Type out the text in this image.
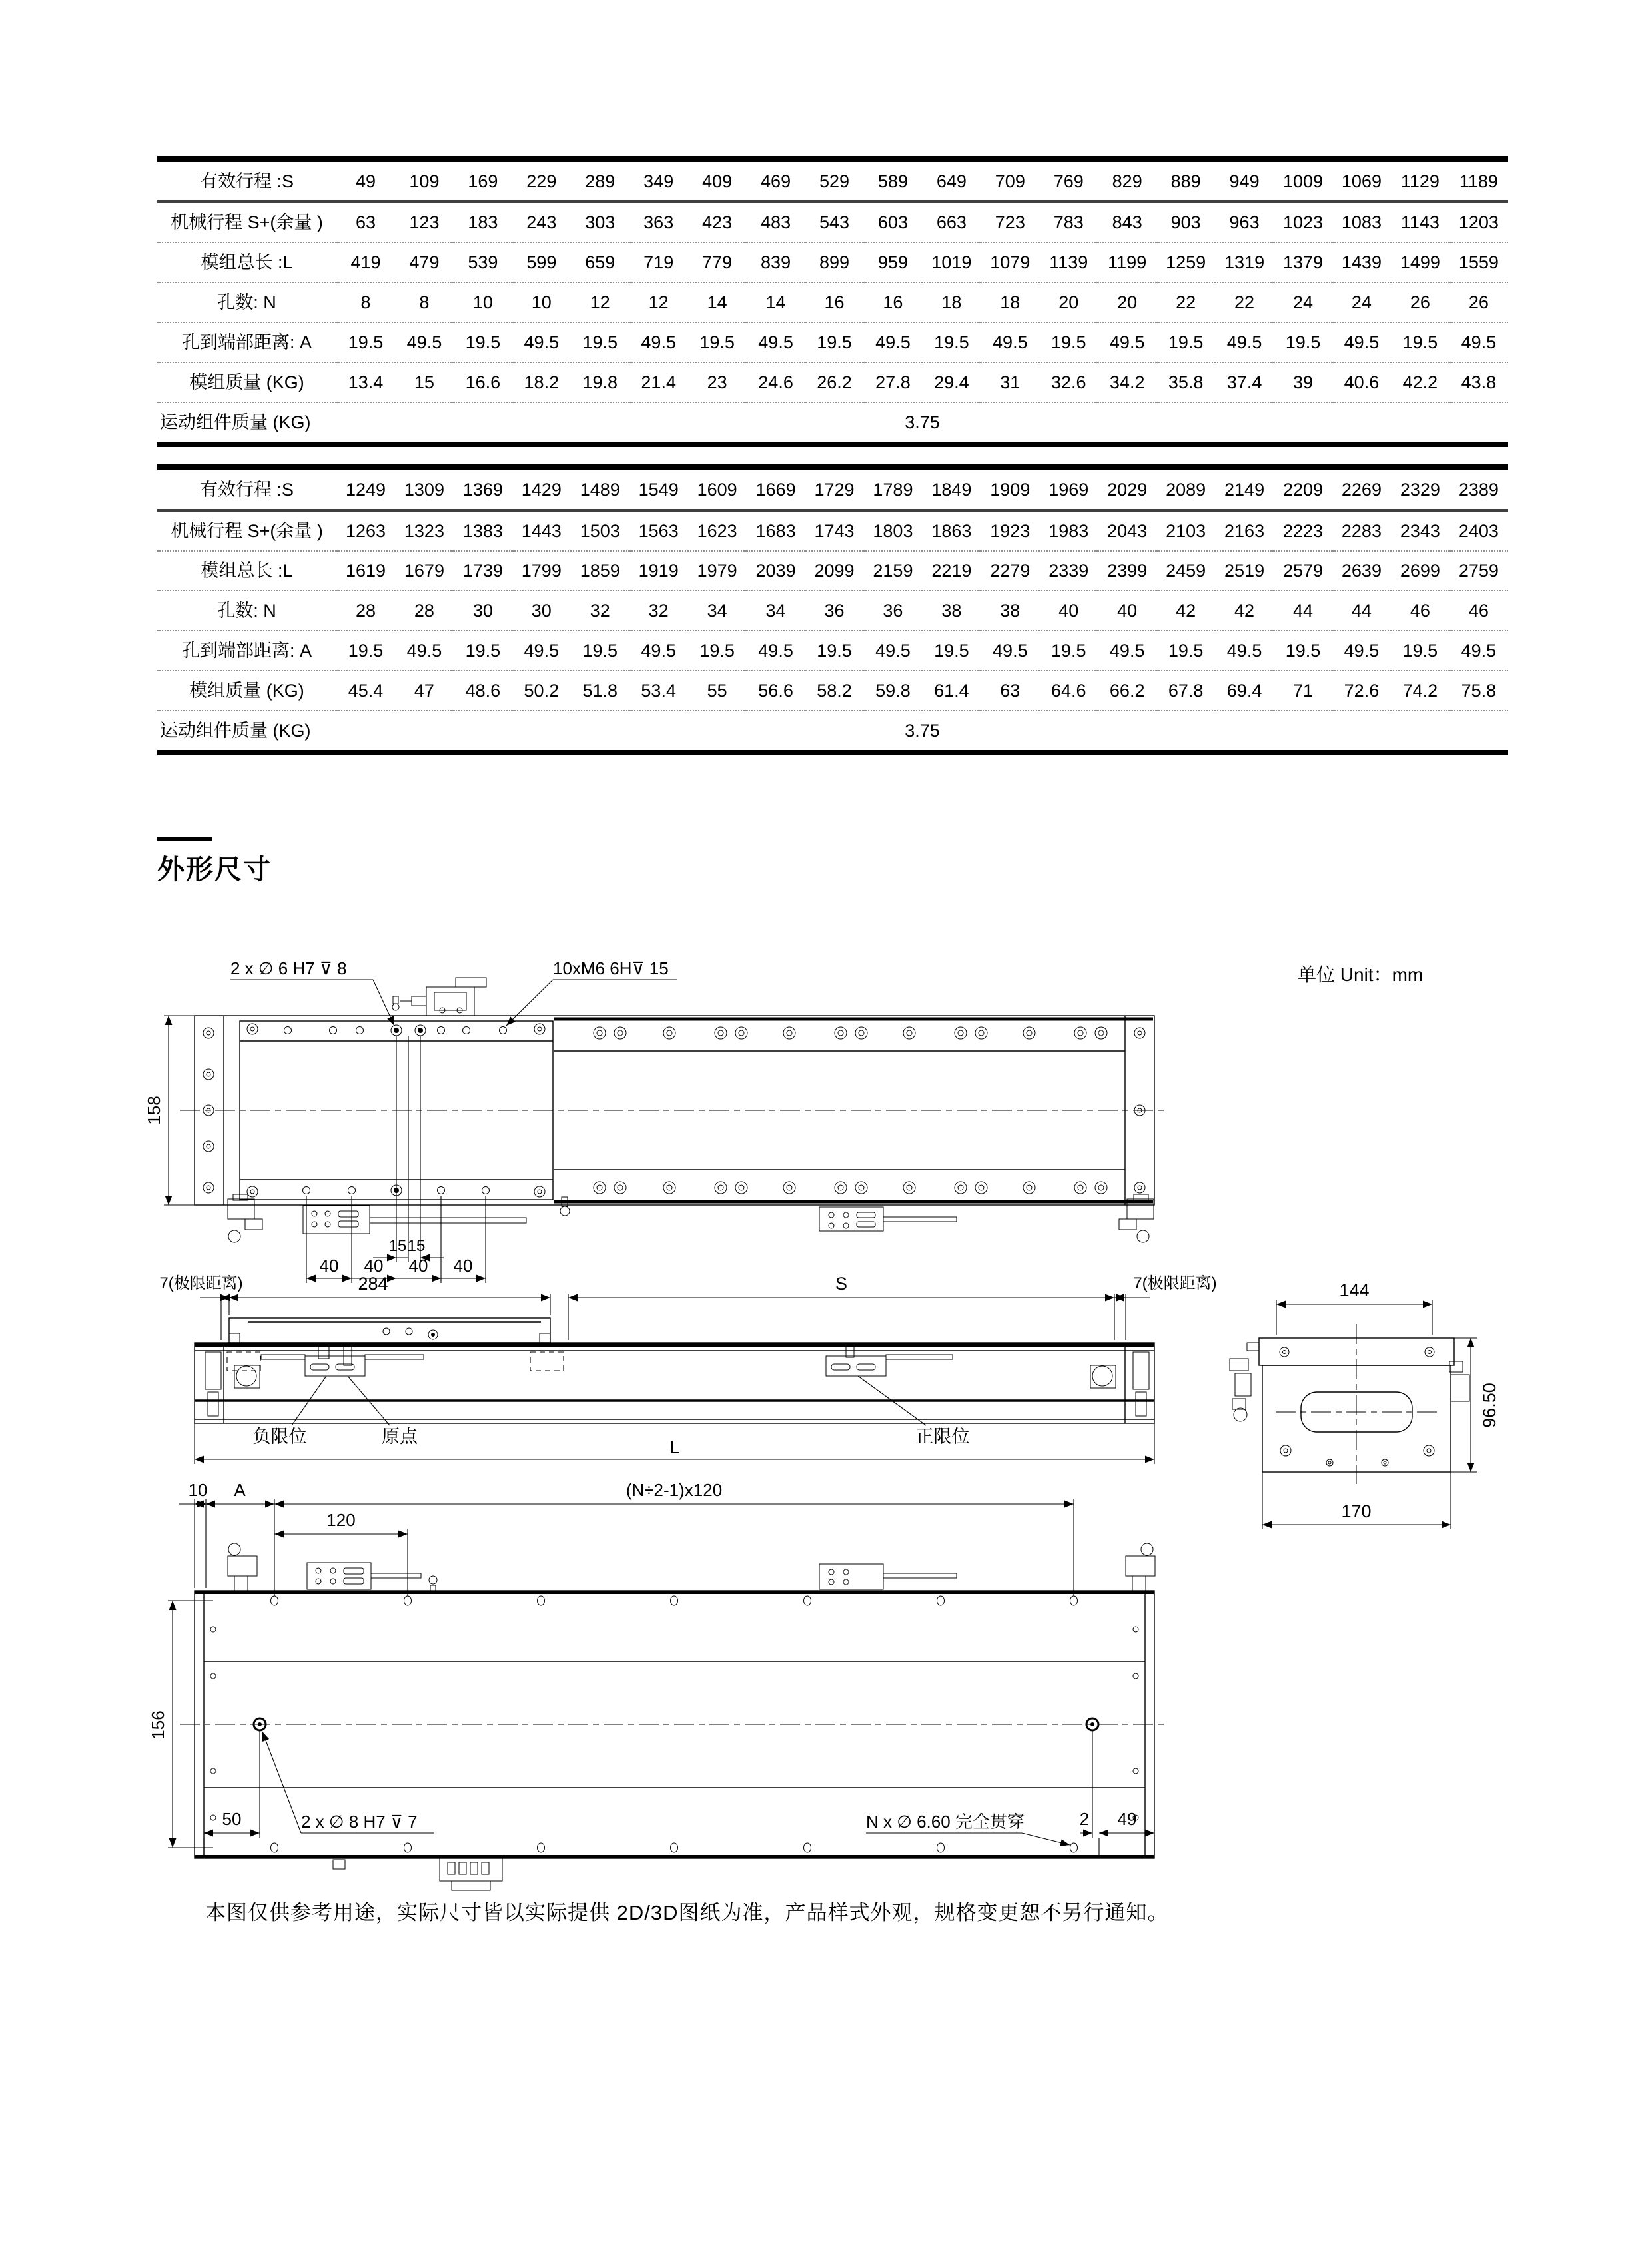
有效行程 :S	49	109	169	229	289	349	409	469	529	589	649	709	769	829	889	949	1009	1069	1129	1189
机械行程 S+(余量 )	63	123	183	243	303	363	423	483	543	603	663	723	783	843	903	963	1023	1083	1143	1203
模组总长 :L	419	479	539	599	659	719	779	839	899	959	1019	1079	1139	1199	1259	1319	1379	1439	1499	1559
孔数: N	8	8	10	10	12	12	14	14	16	16	18	18	20	20	22	22	24	24	26	26
孔到端部距离: A	19.5	49.5	19.5	49.5	19.5	49.5	19.5	49.5	19.5	49.5	19.5	49.5	19.5	49.5	19.5	49.5	19.5	49.5	19.5	49.5
模组质量 (KG)	13.4	15	16.6	18.2	19.8	21.4	23	24.6	26.2	27.8	29.4	31	32.6	34.2	35.8	37.4	39	40.6	42.2	43.8
运动组件质量 (KG)	3.75																			
有效行程 :S	1249	1309	1369	1429	1489	1549	1609	1669	1729	1789	1849	1909	1969	2029	2089	2149	2209	2269	2329	2389
机械行程 S+(余量 )	1263	1323	1383	1443	1503	1563	1623	1683	1743	1803	1863	1923	1983	2043	2103	2163	2223	2283	2343	2403
模组总长 :L	1619	1679	1739	1799	1859	1919	1979	2039	2099	2159	2219	2279	2339	2399	2459	2519	2579	2639	2699	2759
孔数: N	28	28	30	30	32	32	34	34	36	36	38	38	40	40	42	42	44	44	46	46
孔到端部距离: A	19.5	49.5	19.5	49.5	19.5	49.5	19.5	49.5	19.5	49.5	19.5	49.5	19.5	49.5	19.5	49.5	19.5	49.5	19.5	49.5
模组质量 (KG)	45.4	47	48.6	50.2	51.8	53.4	55	56.6	58.2	59.8	61.4	63	64.6	66.2	67.8	69.4	71	72.6	74.2	75.8
运动组件质量 (KG)	3.75																			
外形尺寸
单位 Unit：mm
2 x ∅ 6 H7 ⊽ 8	10xM6 6H⊽ 15
158
15 15
40 40 40 40
7(极限距离)	284	S	7(极限距离)
负限位	原点	正限位
L
144
96.50
170
10 A	(N÷2-1)x120
120
156
50	2 x ∅ 8 H7 ⊽ 7	N x ∅ 6.60 完全贯穿	2 49
本图仅供参考用途，实际尺寸皆以实际提供 2D/3D图纸为准，产品样式外观，规格变更恕不另行通知。
